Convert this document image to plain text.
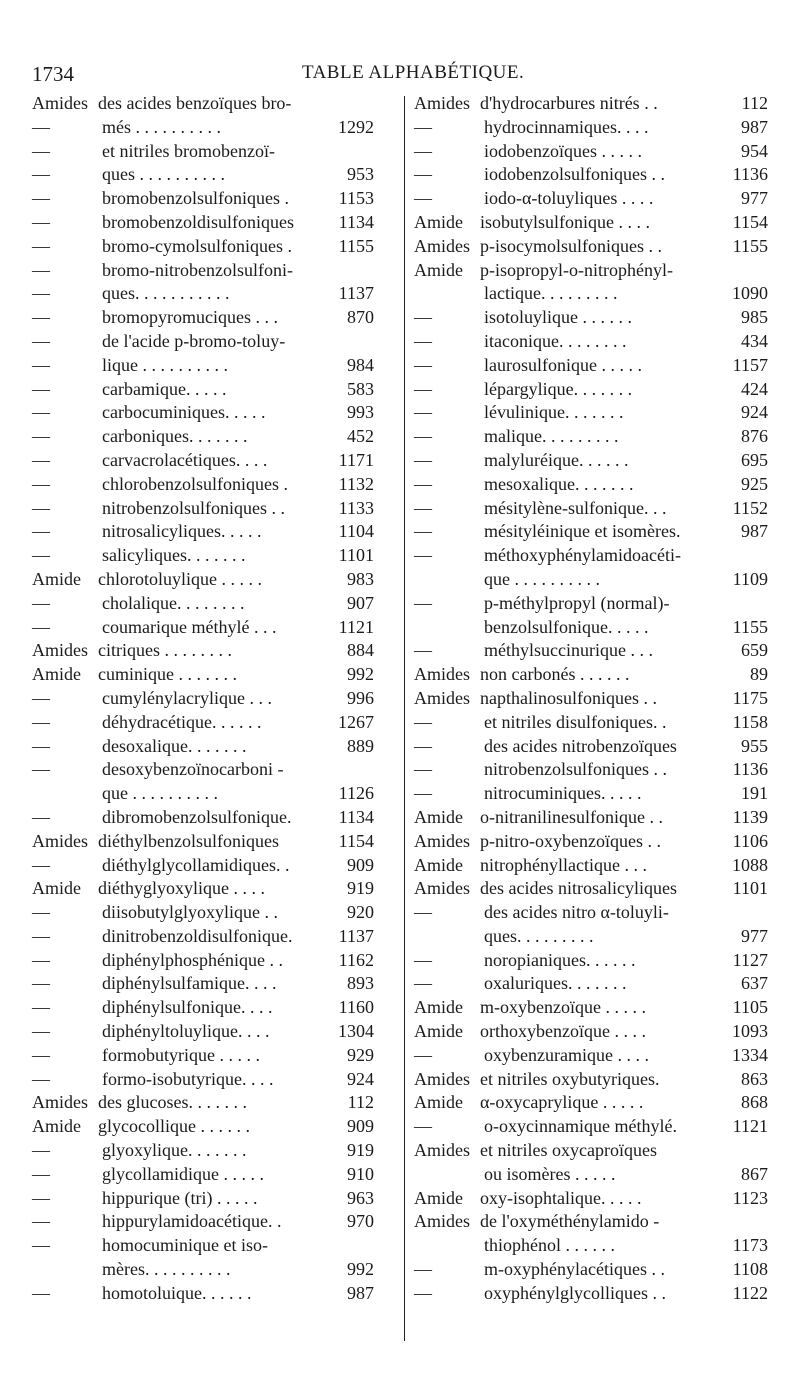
1734	TABLE ALPHABÉTIQUE.
Amides des acides benzoïques bro-
—	més . . . . . . . . . .	1292
—	et nitriles bromobenzoï-
—	ques . . . . . . . . . .	953
—	bromobenzolsulfoniques .	1153
—	bromobenzoldisulfoniques 1134
—	bromo-cymolsulfoniques .	1155
—	bromo-nitrobenzolsulfoni-
—	ques. . . . . . . . . . .	1137
—	bromopyromuciques . . .	870
—	de l'acide p-bromo-toluy-
—	lique . . . . . . . . . .	984
—	carbamique. . . . .	583
—	carbocuminiques. . . . .	993
—	carboniques. . . . . . .	452
—	carvacrolacétiques. . . .	1171
—	chlorobenzolsulfoniques .	1132
—	nitrobenzolsulfoniques . .	1133
—	nitrosalicyliques. . . . .	1104
—	salicyliques. . . . . . .	1101
Amide chlorotoluylique . . . . .	983
—	cholalique. . . . . . . .	907
—	coumarique méthylé . . .	1121
Amides citriques . . . . . . . .	884
Amide cuminique . . . . . . .	992
—	cumylénylacrylique . . .	996
—	déhydracétique. . . . . .	1267
—	desoxalique. . . . . . .	889
—	desoxybenzoïnocarboni -
que . . . . . . . . . .	1126
—	dibromobenzolsulfonique.	1134
Amides diéthylbenzolsulfoniques	1154
—	diéthylglycollamidiques. .	909
Amide diéthyglyoxylique . . . .	919
—	diisobutylglyoxylique . .	920
—	dinitrobenzoldisulfonique.	1137
—	diphénylphosphénique . .	1162
—	diphénylsulfamique. . . .	893
—	diphénylsulfonique. . . .	1160
—	diphényltoluylique. . . .	1304
—	formobutyrique . . . . .	929
—	formo-isobutyrique. . . .	924
Amides des glucoses. . . . . . .	112
Amide glycocollique . . . . . .	909
—	glyoxylique. . . . . . .	919
—	glycollamidique . . . . .	910
—	hippurique (tri) . . . . .	963
—	hippurylamidoacétique. .	970
—	homocuminique et iso-
mères. . . . . . . . . .	992
—	homotoluique. . . . . .	987
Amides d'hydrocarbures nitrés . .	112
—	hydrocinnamiques. . . .	987
—	iodobenzoïques . . . . .	954
—	iodobenzolsulfoniques . .	1136
—	iodo-α-toluyliques . . . .	977
Amide isobutylsulfonique . . . .	1154
Amides p-isocymolsulfoniques . .	1155
Amide p-isopropyl-o-nitrophényl-
lactique. . . . . . . . .	1090
—	isotoluylique . . . . . .	985
—	itaconique. . . . . . . .	434
—	laurosulfonique . . . . .	1157
—	lépargylique. . . . . . .	424
—	lévulinique. . . . . . .	924
—	malique. . . . . . . . .	876
—	malyluréique. . . . . .	695
—	mesoxalique. . . . . . .	925
—	mésitylène-sulfonique. . .	1152
—	mésityléinique et isomères.	987
—	méthoxyphénylamidoacéti-
que . . . . . . . . . .	1109
—	p-méthylpropyl (normal)-
benzolsulfonique. . . . .	1155
—	méthylsuccinurique . . .	659
Amides non carbonés . . . . . .	89
Amides napthalinosulfoniques . .	1175
—	et nitriles disulfoniques. .	1158
—	des acides nitrobenzoïques	955
—	nitrobenzolsulfoniques . .	1136
—	nitrocuminiques. . . . .	191
Amide o-nitranilinesulfonique . .	1139
Amides p-nitro-oxybenzoïques . .	1106
Amide nitrophényllactique . . .	1088
Amides des acides nitrosalicyliques	1101
—	des acides nitro α-toluyli-
ques. . . . . . . . .	977
—	noropianiques. . . . . .	1127
—	oxaluriques. . . . . . .	637
Amide m-oxybenzoïque . . . . .	1105
Amide orthoxybenzoïque . . . .	1093
—	oxybenzuramique . . . .	1334
Amides et nitriles oxybutyriques.	863
Amide α-oxycaprylique . . . . .	868
—	o-oxycinnamique méthylé.	1121
Amides et nitriles oxycaproïques
ou isomères . . . . .	867
Amide oxy-isophtalique. . . . .	1123
Amides de l'oxyméthénylamido -
thiophénol . . . . . .	1173
—	m-oxyphénylacétiques . .	1108
—	oxyphénylglycolliques . .	1122
